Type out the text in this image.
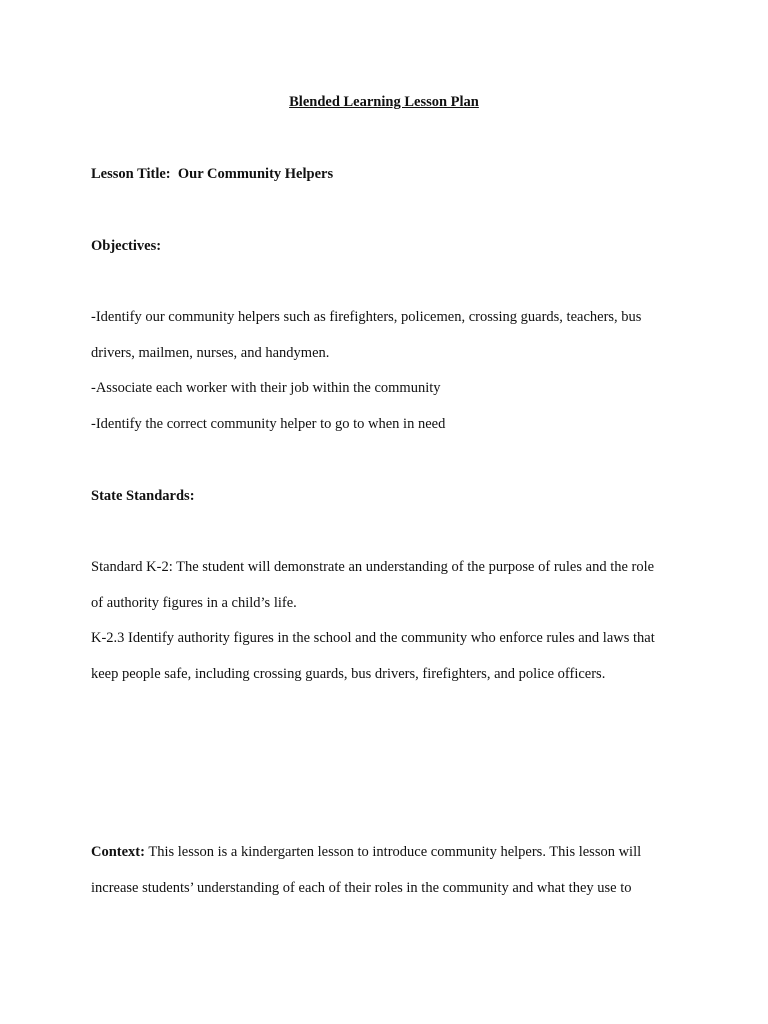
Blended Learning Lesson Plan
Lesson Title: Our Community Helpers
Objectives:
-Identify our community helpers such as firefighters, policemen, crossing guards, teachers, bus
drivers, mailmen, nurses, and handymen.
-Associate each worker with their job within the community
-Identify the correct community helper to go to when in need
State Standards:
Standard K-2: The student will demonstrate an understanding of the purpose of rules and the role
of authority figures in a child’s life.
K-2.3 Identify authority figures in the school and the community who enforce rules and laws that
keep people safe, including crossing guards, bus drivers, firefighters, and police officers.
Context: This lesson is a kindergarten lesson to introduce community helpers. This lesson will
increase students’ understanding of each of their roles in the community and what they use to
